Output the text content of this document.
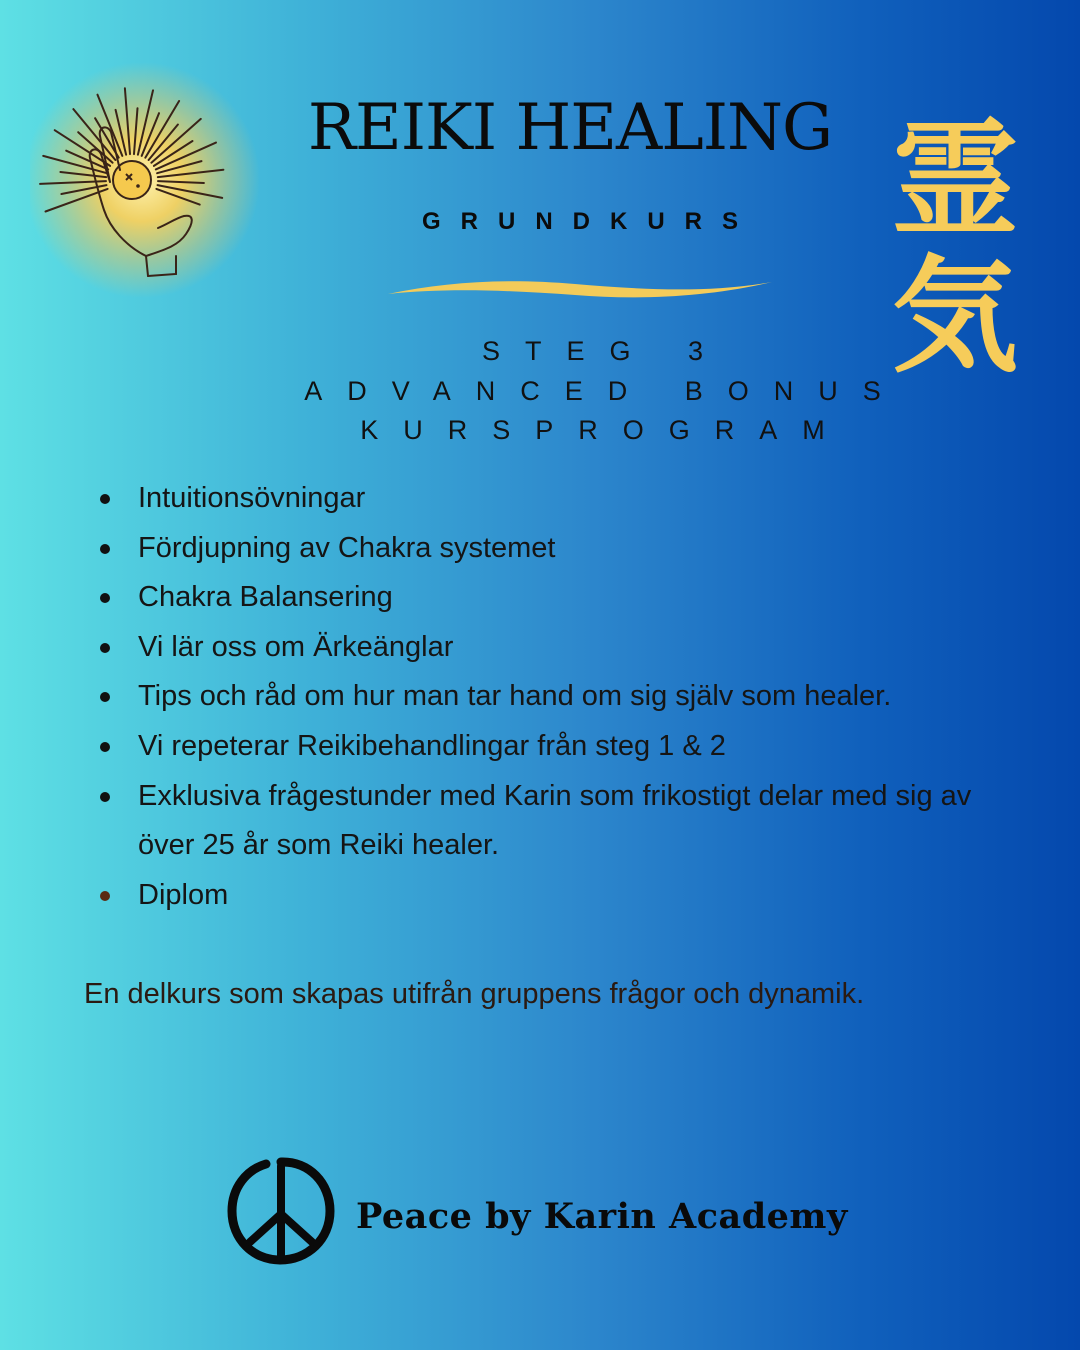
REIKI HEALING
GRUNDKURS	霊
気
STEG 3
ADVANCED BONUS
KURSPROGRAM
Intuitionsövningar
Fördjupning av Chakra systemet
Chakra Balansering
Vi lär oss om Ärkeänglar
Tips och råd om hur man tar hand om sig själv som healer.
Vi repeterar Reikibehandlingar från steg 1 & 2
Exklusiva frågestunder med Karin som frikostigt delar med sig av över 25 år som Reiki healer.
Diplom
En delkurs som skapas utifrån gruppens frågor och dynamik.
Peace by Karin Academy
